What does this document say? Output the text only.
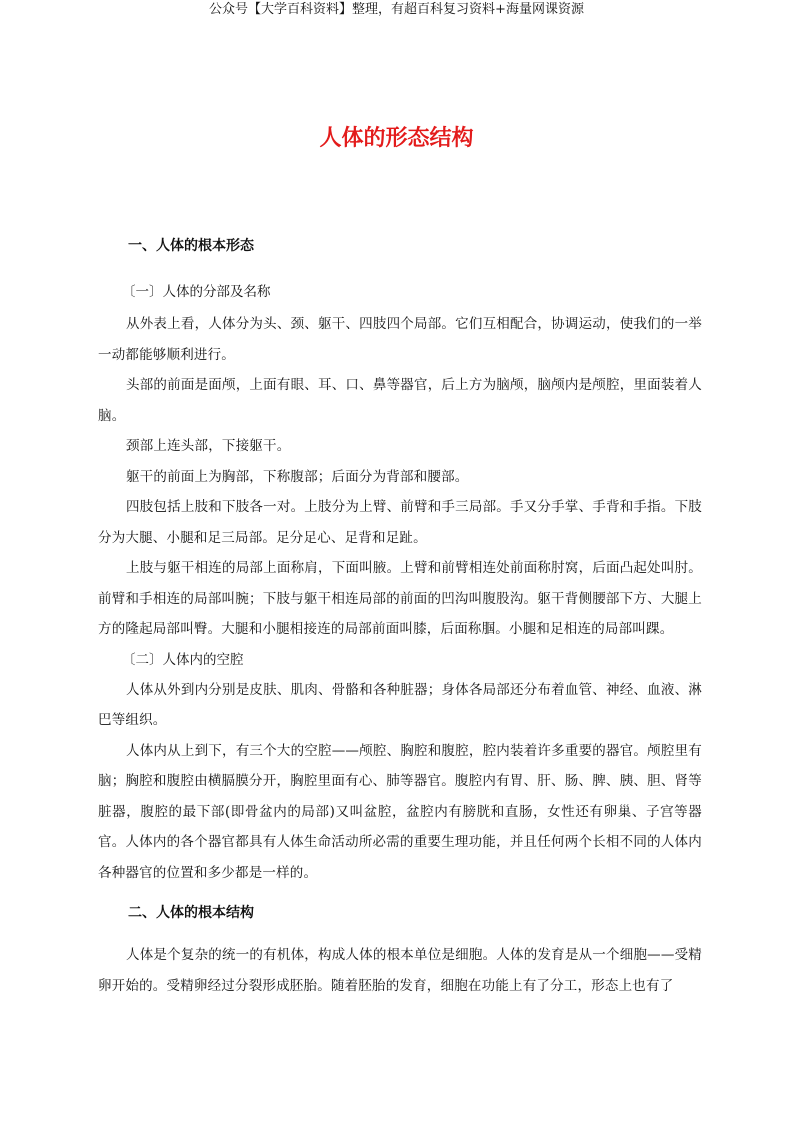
公众号【大学百科资料】整理，有超百科复习资料+海量网课资源
人体的形态结构
一、人体的根本形态
〔一〕人体的分部及名称

从外表上看，人体分为头、颈、躯干、四肢四个局部。它们互相配合，协调运动，使我们的一举一动都能够顺利进行。

头部的前面是面颅，上面有眼、耳、口、鼻等器官，后上方为脑颅，脑颅内是颅腔，里面装着人脑。

颈部上连头部，下接躯干。

躯干的前面上为胸部，下称腹部；后面分为背部和腰部。

四肢包括上肢和下肢各一对。上肢分为上臂、前臂和手三局部。手又分手掌、手背和手指。下肢分为大腿、小腿和足三局部。足分足心、足背和足趾。

上肢与躯干相连的局部上面称肩，下面叫腋。上臂和前臂相连处前面称肘窝，后面凸起处叫肘。前臂和手相连的局部叫腕；下肢与躯干相连局部的前面的凹沟叫腹股沟。躯干背侧腰部下方、大腿上方的隆起局部叫臀。大腿和小腿相接连的局部前面叫膝，后面称腘。小腿和足相连的局部叫踝。

〔二〕人体内的空腔

人体从外到内分别是皮肤、肌肉、骨骼和各种脏器；身体各局部还分布着血管、神经、血液、淋巴等组织。

人体内从上到下，有三个大的空腔——颅腔、胸腔和腹腔，腔内装着许多重要的器官。颅腔里有脑；胸腔和腹腔由横膈膜分开，胸腔里面有心、肺等器官。腹腔内有胃、肝、肠、脾、胰、胆、肾等脏器，腹腔的最下部(即骨盆内的局部)又叫盆腔，盆腔内有膀胱和直肠，女性还有卵巢、子宫等器官。人体内的各个器官都具有人体生命活动所必需的重要生理功能，并且任何两个长相不同的人体内各种器官的位置和多少都是一样的。

二、人体的根本结构

人体是个复杂的统一的有机体，构成人体的根本单位是细胞。人体的发育是从一个细胞——受精卵开始的。受精卵经过分裂形成胚胎。随着胚胎的发育，细胞在功能上有了分工，形态上也有了
